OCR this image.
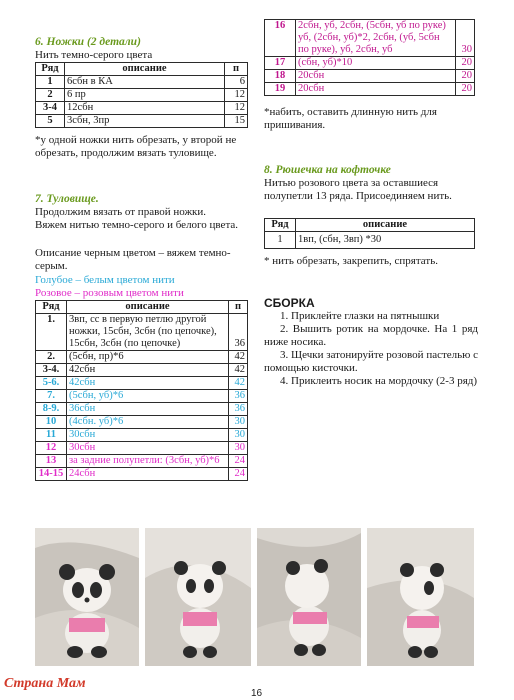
6. Ножки (2 детали)
Нить темно-серого цвета
Ряд	описание	п
1	6сбн в КА	6
2	6 пр	12
3-4	12сбн	12
5	3сбн, 3пр	15
*у одной ножки нить обрезать, у второй не обрезать, продолжим вязать туловище.
7. Туловище.
Продолжим вязать от правой ножки.
Вяжем нитью темно-серого и белого цвета.
Описание черным цветом – вяжем темно-серым.
Голубое – белым цветом нити
Розовое – розовым цветом нити
Ряд	описание	п
1.	3вп, сс в первую петлю другой ножки, 15сбн, 3сбн (по цепочке), 15сбн, 3сбн (по цепочке)	36
2.	(5сбн, пр)*6	42
3-4.	42сбн	42
5-6.	42сбн	42
7.	(5сбн, уб)*6	36
8-9.	36сбн	36
10	(4сбн. уб)*6	30
11	30сбн	30
12	30сбн	30
13	за задние полупетли: (3сбн, уб)*6	24
14-15	24сбн	24
16	2сбн, уб, 2сбн, (5сбн, уб по руке) уб, (2сбн, уб)*2, 2сбн, (уб, 5сбн по руке), уб, 2сбн, уб	30
17	(сбн, уб)*10	20
18	20сбн	20
19	20сбн	20
*набить, оставить длинную нить для пришивания.
8. Рюшечка на кофточке
Нитью розового цвета за оставшиеся полупетли 13 ряда. Присоединяем нить.
Ряд	описание
1	1вп, (сбн, 3вп) *30
* нить обрезать, закрепить, спрятать.
СБОРКА
1. Приклейте глазки на пятнышки
2. Вышить ротик на мордочке. На 1 ряд ниже носика.
3. Щечки затонируйте розовой пастелью с помощью кисточки.
4. Приклеить носик на мордочку (2-3 ряд)
Страна Мам
16
